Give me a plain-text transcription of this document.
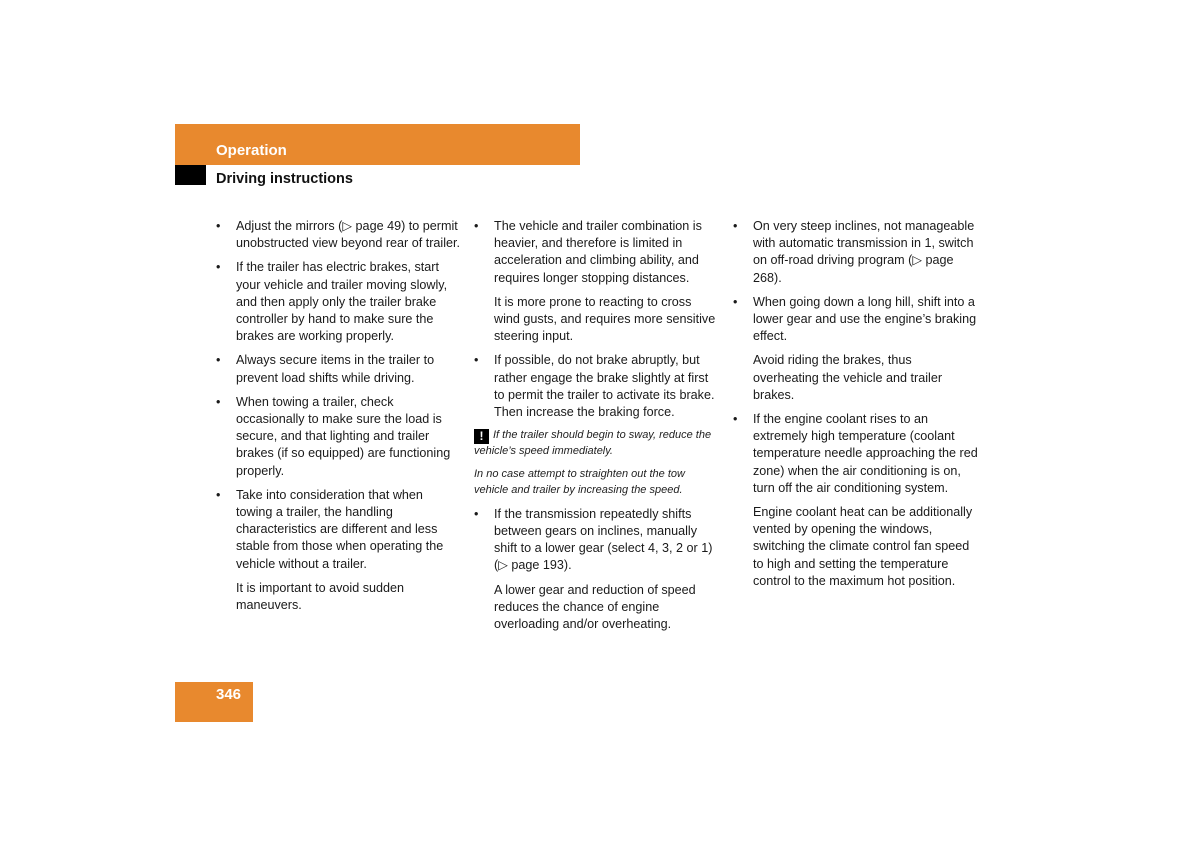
Operation
Driving instructions
• Adjust the mirrors (▷ page 49) to permit unobstructed view beyond rear of trailer.
• If the trailer has electric brakes, start your vehicle and trailer moving slowly, and then apply only the trailer brake controller by hand to make sure the brakes are working properly.
• Always secure items in the trailer to prevent load shifts while driving.
• When towing a trailer, check occasionally to make sure the load is secure, and that lighting and trailer brakes (if so equipped) are functioning properly.
• Take into consideration that when towing a trailer, the handling characteristics are different and less stable from those when operating the vehicle without a trailer.
It is important to avoid sudden maneuvers.
• The vehicle and trailer combination is heavier, and therefore is limited in acceleration and climbing ability, and requires longer stopping distances.
It is more prone to reacting to cross wind gusts, and requires more sensitive steering input.
• If possible, do not brake abruptly, but rather engage the brake slightly at first to permit the trailer to activate its brake. Then increase the braking force.
! If the trailer should begin to sway, reduce the vehicle’s speed immediately.
In no case attempt to straighten out the tow vehicle and trailer by increasing the speed.
• If the transmission repeatedly shifts between gears on inclines, manually shift to a lower gear (select 4, 3, 2 or 1) (▷ page 193).
A lower gear and reduction of speed reduces the chance of engine overloading and/or overheating.
• On very steep inclines, not manageable with automatic transmission in 1, switch on off-road driving program (▷ page 268).
• When going down a long hill, shift into a lower gear and use the engine’s braking effect.
Avoid riding the brakes, thus overheating the vehicle and trailer brakes.
• If the engine coolant rises to an extremely high temperature (coolant temperature needle approaching the red zone) when the air conditioning is on, turn off the air conditioning system.
Engine coolant heat can be additionally vented by opening the windows, switching the climate control fan speed to high and setting the temperature control to the maximum hot position.
346
